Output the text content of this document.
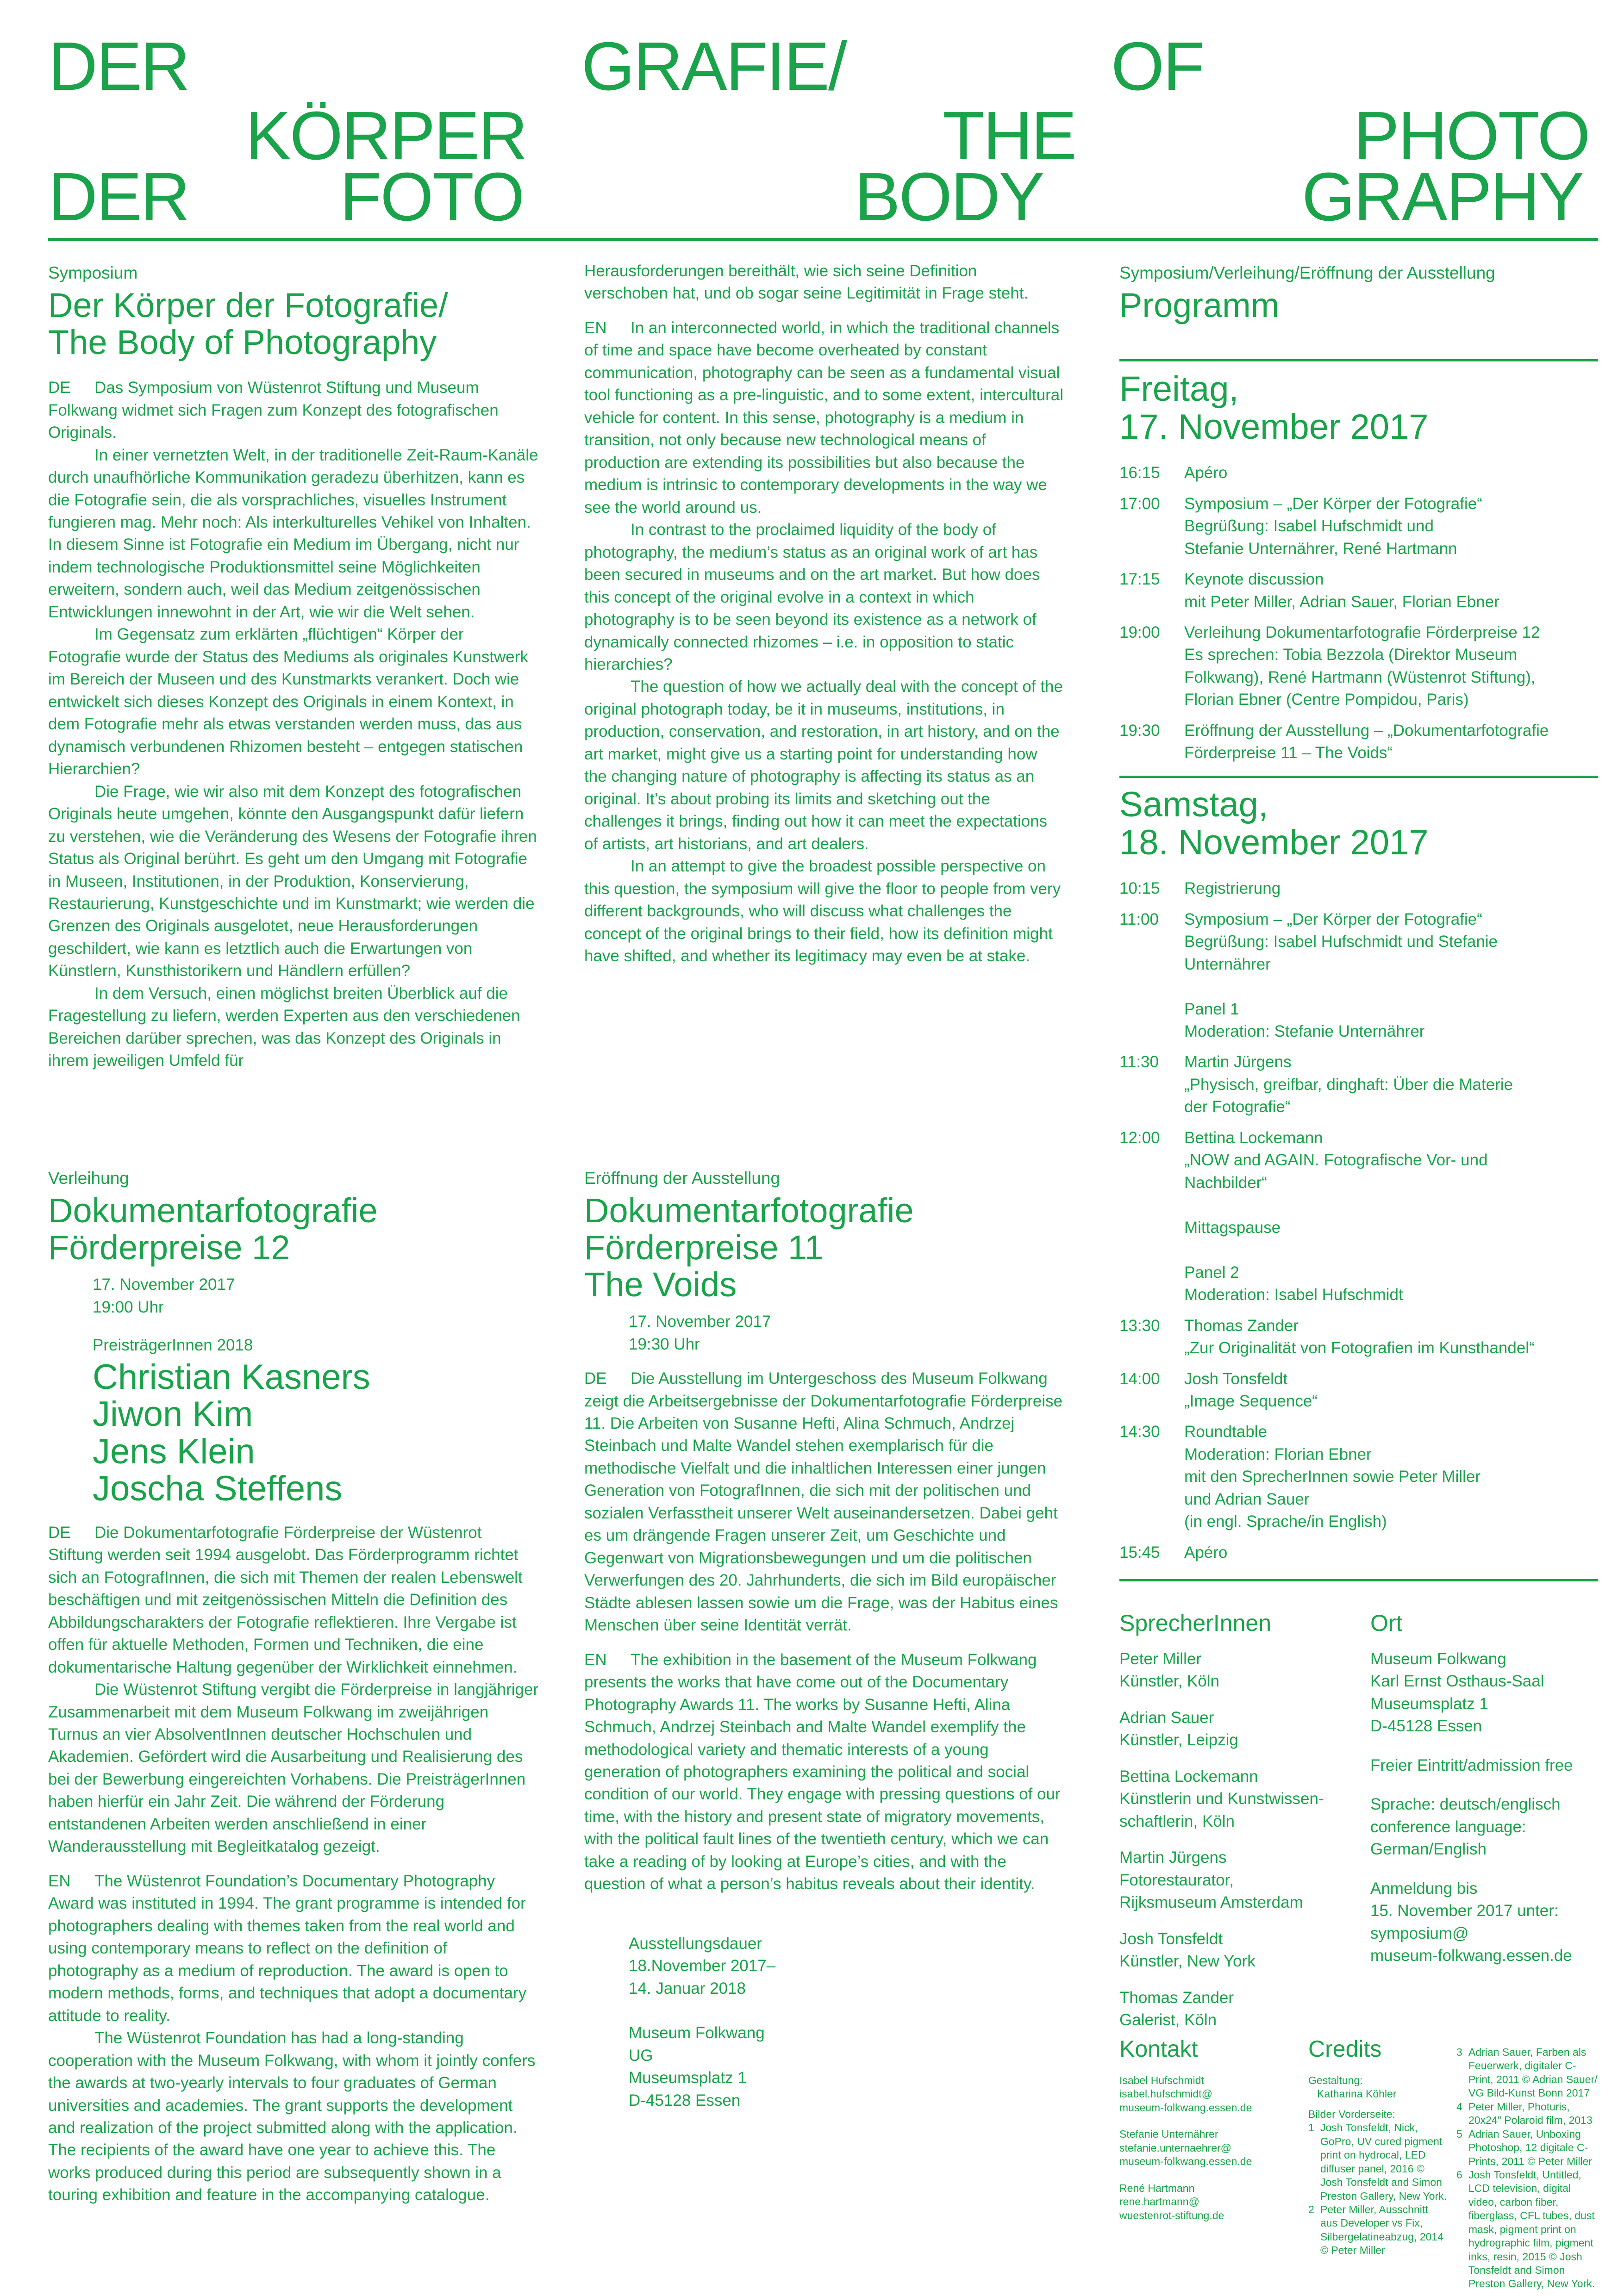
DER	GRAFIE/	OF
KÖRPER	THE	PHOTO
DER FOTO	BODY	GRAPHY
Symposium
Der Körper der Fotografie/
The Body of Photography

DE Das Symposium von Wüstenrot Stiftung und Museum Folkwang widmet sich Fragen zum Konzept des fotografischen Originals.

In einer vernetzten Welt, in der traditionelle Zeit-Raum-Kanäle durch unaufhörliche Kommunikation geradezu überhitzen, kann es die Fotografie sein, die als vorsprachliches, visuelles Instrument fungieren mag. Mehr noch: Als interkulturelles Vehikel von Inhalten. In diesem Sinne ist Fotografie ein Medium im Übergang, nicht nur indem technologische Produktionsmittel seine Möglichkeiten erweitern, sondern auch, weil das Medium zeitgenössischen Entwicklungen innewohnt in der Art, wie wir die Welt sehen.

Im Gegensatz zum erklärten „flüchtigen“ Körper der Fotografie wurde der Status des Mediums als originales Kunstwerk im Bereich der Museen und des Kunstmarkts verankert. Doch wie entwickelt sich dieses Konzept des Originals in einem Kontext, in dem Fotografie mehr als etwas verstanden werden muss, das aus dynamisch verbundenen Rhizomen besteht – entgegen statischen Hierarchien?

Die Frage, wie wir also mit dem Konzept des fotografischen Originals heute umgehen, könnte den Ausgangspunkt dafür liefern zu verstehen, wie die Veränderung des Wesens der Fotografie ihren Status als Original berührt. Es geht um den Umgang mit Fotografie in Museen, Institutionen, in der Produktion, Konservierung, Restaurierung, Kunstgeschichte und im Kunstmarkt; wie werden die Grenzen des Originals ausgelotet, neue Herausforderungen geschildert, wie kann es letztlich auch die Erwartungen von Künstlern, Kunsthistorikern und Händlern erfüllen?

In dem Versuch, einen möglichst breiten Überblick auf die Fragestellung zu liefern, werden Experten aus den verschiedenen Bereichen darüber sprechen, was das Konzept des Originals in ihrem jeweiligen Umfeld für

Herausforderungen bereithält, wie sich seine Definition verschoben hat, und ob sogar seine Legitimität in Frage steht.

EN In an interconnected world, in which the traditional channels of time and space have become overheated by constant communication, photography can be seen as a fundamental visual tool functioning as a pre-linguistic, and to some extent, intercultural vehicle for content. In this sense, photography is a medium in transition, not only because new technological means of production are extending its possibilities but also because the medium is intrinsic to contemporary developments in the way we see the world around us.

In contrast to the proclaimed liquidity of the body of photography, the medium’s status as an original work of art has been secured in museums and on the art market. But how does this concept of the original evolve in a context in which photography is to be seen beyond its existence as a network of dynamically connected rhizomes – i.e. in opposition to static hierarchies?

The question of how we actually deal with the concept of the original photograph today, be it in museums, institutions, in production, conservation, and restoration, in art history, and on the art market, might give us a starting point for understanding how the changing nature of photography is affecting its status as an original. It’s about probing its limits and sketching out the challenges it brings, finding out how it can meet the expectations of artists, art historians, and art dealers.

In an attempt to give the broadest possible perspective on this question, the symposium will give the floor to people from very different backgrounds, who will discuss what challenges the concept of the original brings to their field, how its definition might have shifted, and whether its legitimacy may even be at stake.

Verleihung
Dokumentarfotografie
Förderpreise 12
17. November 2017
19:00 Uhr
PreisträgerInnen 2018
Christian Kasners
Jiwon Kim
Jens Klein
Joscha Steffens

DE Die Dokumentarfotografie Förderpreise der Wüstenrot Stiftung werden seit 1994 ausgelobt. Das Förderprogramm richtet sich an FotografInnen, die sich mit Themen der realen Lebenswelt beschäftigen und mit zeitgenössischen Mitteln die Definition des Abbildungscharakters der Fotografie reflektieren. Ihre Vergabe ist offen für aktuelle Methoden, Formen und Techniken, die eine dokumentarische Haltung gegenüber der Wirklichkeit einnehmen.

Die Wüstenrot Stiftung vergibt die Förderpreise in langjähriger Zusammenarbeit mit dem Museum Folkwang im zweijährigen Turnus an vier AbsolventInnen deutscher Hochschulen und Akademien. Gefördert wird die Ausarbeitung und Realisierung des bei der Bewerbung eingereichten Vorhabens. Die PreisträgerInnen haben hierfür ein Jahr Zeit. Die während der Förderung entstandenen Arbeiten werden anschließend in einer Wanderausstellung mit Begleitkatalog gezeigt.

EN The Wüstenrot Foundation’s Documentary Photography Award was instituted in 1994. The grant programme is intended for photographers dealing with themes taken from the real world and using contemporary means to reflect on the definition of photography as a medium of reproduction. The award is open to modern methods, forms, and techniques that adopt a documentary attitude to reality.

The Wüstenrot Foundation has had a long-standing cooperation with the Museum Folkwang, with whom it jointly confers the awards at two-yearly intervals to four graduates of German universities and academies. The grant supports the development and realization of the project submitted along with the application. The recipients of the award have one year to achieve this. The works produced during this period are subsequently shown in a touring exhibition and feature in the accompanying catalogue.

Eröffnung der Ausstellung
Dokumentarfotografie
Förderpreise 11
The Voids
17. November 2017
19:30 Uhr

DE Die Ausstellung im Untergeschoss des Museum Folkwang zeigt die Arbeitsergebnisse der Dokumentarfotografie Förderpreise 11. Die Arbeiten von Susanne Hefti, Alina Schmuch, Andrzej Steinbach und Malte Wandel stehen exemplarisch für die methodische Vielfalt und die inhaltlichen Interessen einer jungen Generation von FotografInnen, die sich mit der politischen und sozialen Verfasstheit unserer Welt auseinandersetzen. Dabei geht es um drängende Fragen unserer Zeit, um Geschichte und Gegenwart von Migrationsbewegungen und um die politischen Verwerfungen des 20. Jahrhunderts, die sich im Bild europäischer Städte ablesen lassen sowie um die Frage, was der Habitus eines Menschen über seine Identität verrät.

EN The exhibition in the basement of the Museum Folkwang presents the works that have come out of the Documentary Photography Awards 11. The works by Susanne Hefti, Alina Schmuch, Andrzej Steinbach and Malte Wandel exemplify the methodological variety and thematic interests of a young generation of photographers examining the political and social condition of our world. They engage with pressing questions of our time, with the history and present state of migratory movements, with the political fault lines of the twentieth century, which we can take a reading of by looking at Europe’s cities, and with the question of what a person’s habitus reveals about their identity.

Ausstellungsdauer
18.November 2017–
14. Januar 2018
Museum Folkwang
UG
Museumsplatz 1
D-45128 Essen
Symposium/Verleihung/Eröffnung der Ausstellung
Programm
Freitag,
17. November 2017
16:15	Apéro
17:00	Symposium – „Der Körper der Fotografie“
Begrüßung: Isabel Hufschmidt und
Stefanie Unternährer, René Hartmann
17:15	Keynote discussion
mit Peter Miller, Adrian Sauer, Florian Ebner
19:00	Verleihung Dokumentarfotografie Förderpreise 12
Es sprechen: Tobia Bezzola (Direktor Museum
Folkwang), René Hartmann (Wüstenrot Stiftung),
Florian Ebner (Centre Pompidou, Paris)
19:30	Eröffnung der Ausstellung – „Dokumentarfotografie
Förderpreise 11 – The Voids“
Samstag,
18. November 2017
10:15	Registrierung
11:00	Symposium – „Der Körper der Fotografie“
Begrüßung: Isabel Hufschmidt und Stefanie
Unternährer

Panel 1
Moderation: Stefanie Unternährer
11:30	Martin Jürgens
„Physisch, greifbar, dinghaft: Über die Materie
der Fotografie“
12:00	Bettina Lockemann
„NOW and AGAIN. Fotografische Vor- und
Nachbilder“

Mittagspause

Panel 2
Moderation: Isabel Hufschmidt
13:30	Thomas Zander
„Zur Originalität von Fotografien im Kunsthandel“
14:00	Josh Tonsfeldt
„Image Sequence“
14:30	Roundtable
Moderation: Florian Ebner
mit den SprecherInnen sowie Peter Miller
und Adrian Sauer
(in engl. Sprache/in English)
15:45	Apéro
SprecherInnen
Peter Miller
Künstler, Köln
Adrian Sauer
Künstler, Leipzig
Bettina Lockemann
Künstlerin und Kunstwissen-
schaftlerin, Köln
Martin Jürgens
Fotorestaurator,
Rijksmuseum Amsterdam
Josh Tonsfeldt
Künstler, New York
Thomas Zander
Galerist, Köln
Ort
Museum Folkwang
Karl Ernst Osthaus-Saal
Museumsplatz 1
D-45128 Essen
Freier Eintritt/admission free
Sprache: deutsch/englisch
conference language:
German/English
Anmeldung bis
15. November 2017 unter:
symposium@
museum-folkwang.essen.de
Kontakt

Isabel Hufschmidt
isabel.hufschmidt@
museum-folkwang.essen.de

Stefanie Unternährer
stefanie.unternaehrer@
museum-folkwang.essen.de

René Hartmann
rene.hartmann@
wuestenrot-stiftung.de

Credits

Gestaltung:
Katharina Köhler

Bilder Vorderseite:

1 Josh Tonsfeldt, Nick, GoPro, UV cured pigment print on hydrocal, LED diffuser panel, 2016 © Josh Tonsfeldt and Simon Preston Gallery, New York.
2 Peter Miller, Ausschnitt aus Developer vs Fix, Silbergelatineabzug, 2014 © Peter Miller
3 Adrian Sauer, Farben als Feuerwerk, digitaler C-Print, 2011 © Adrian Sauer/ VG Bild-Kunst Bonn 2017
4 Peter Miller, Photuris, 20x24" Polaroid film, 2013
5 Adrian Sauer, Unboxing Photoshop, 12 digitale C-Prints, 2011 © Peter Miller
6 Josh Tonsfeldt, Untitled, LCD television, digital video, carbon fiber, fiberglass, CFL tubes, dust mask, pigment print on hydrographic film, pigment inks, resin, 2015 © Josh Tonsfeldt and Simon Preston Gallery, New York.
